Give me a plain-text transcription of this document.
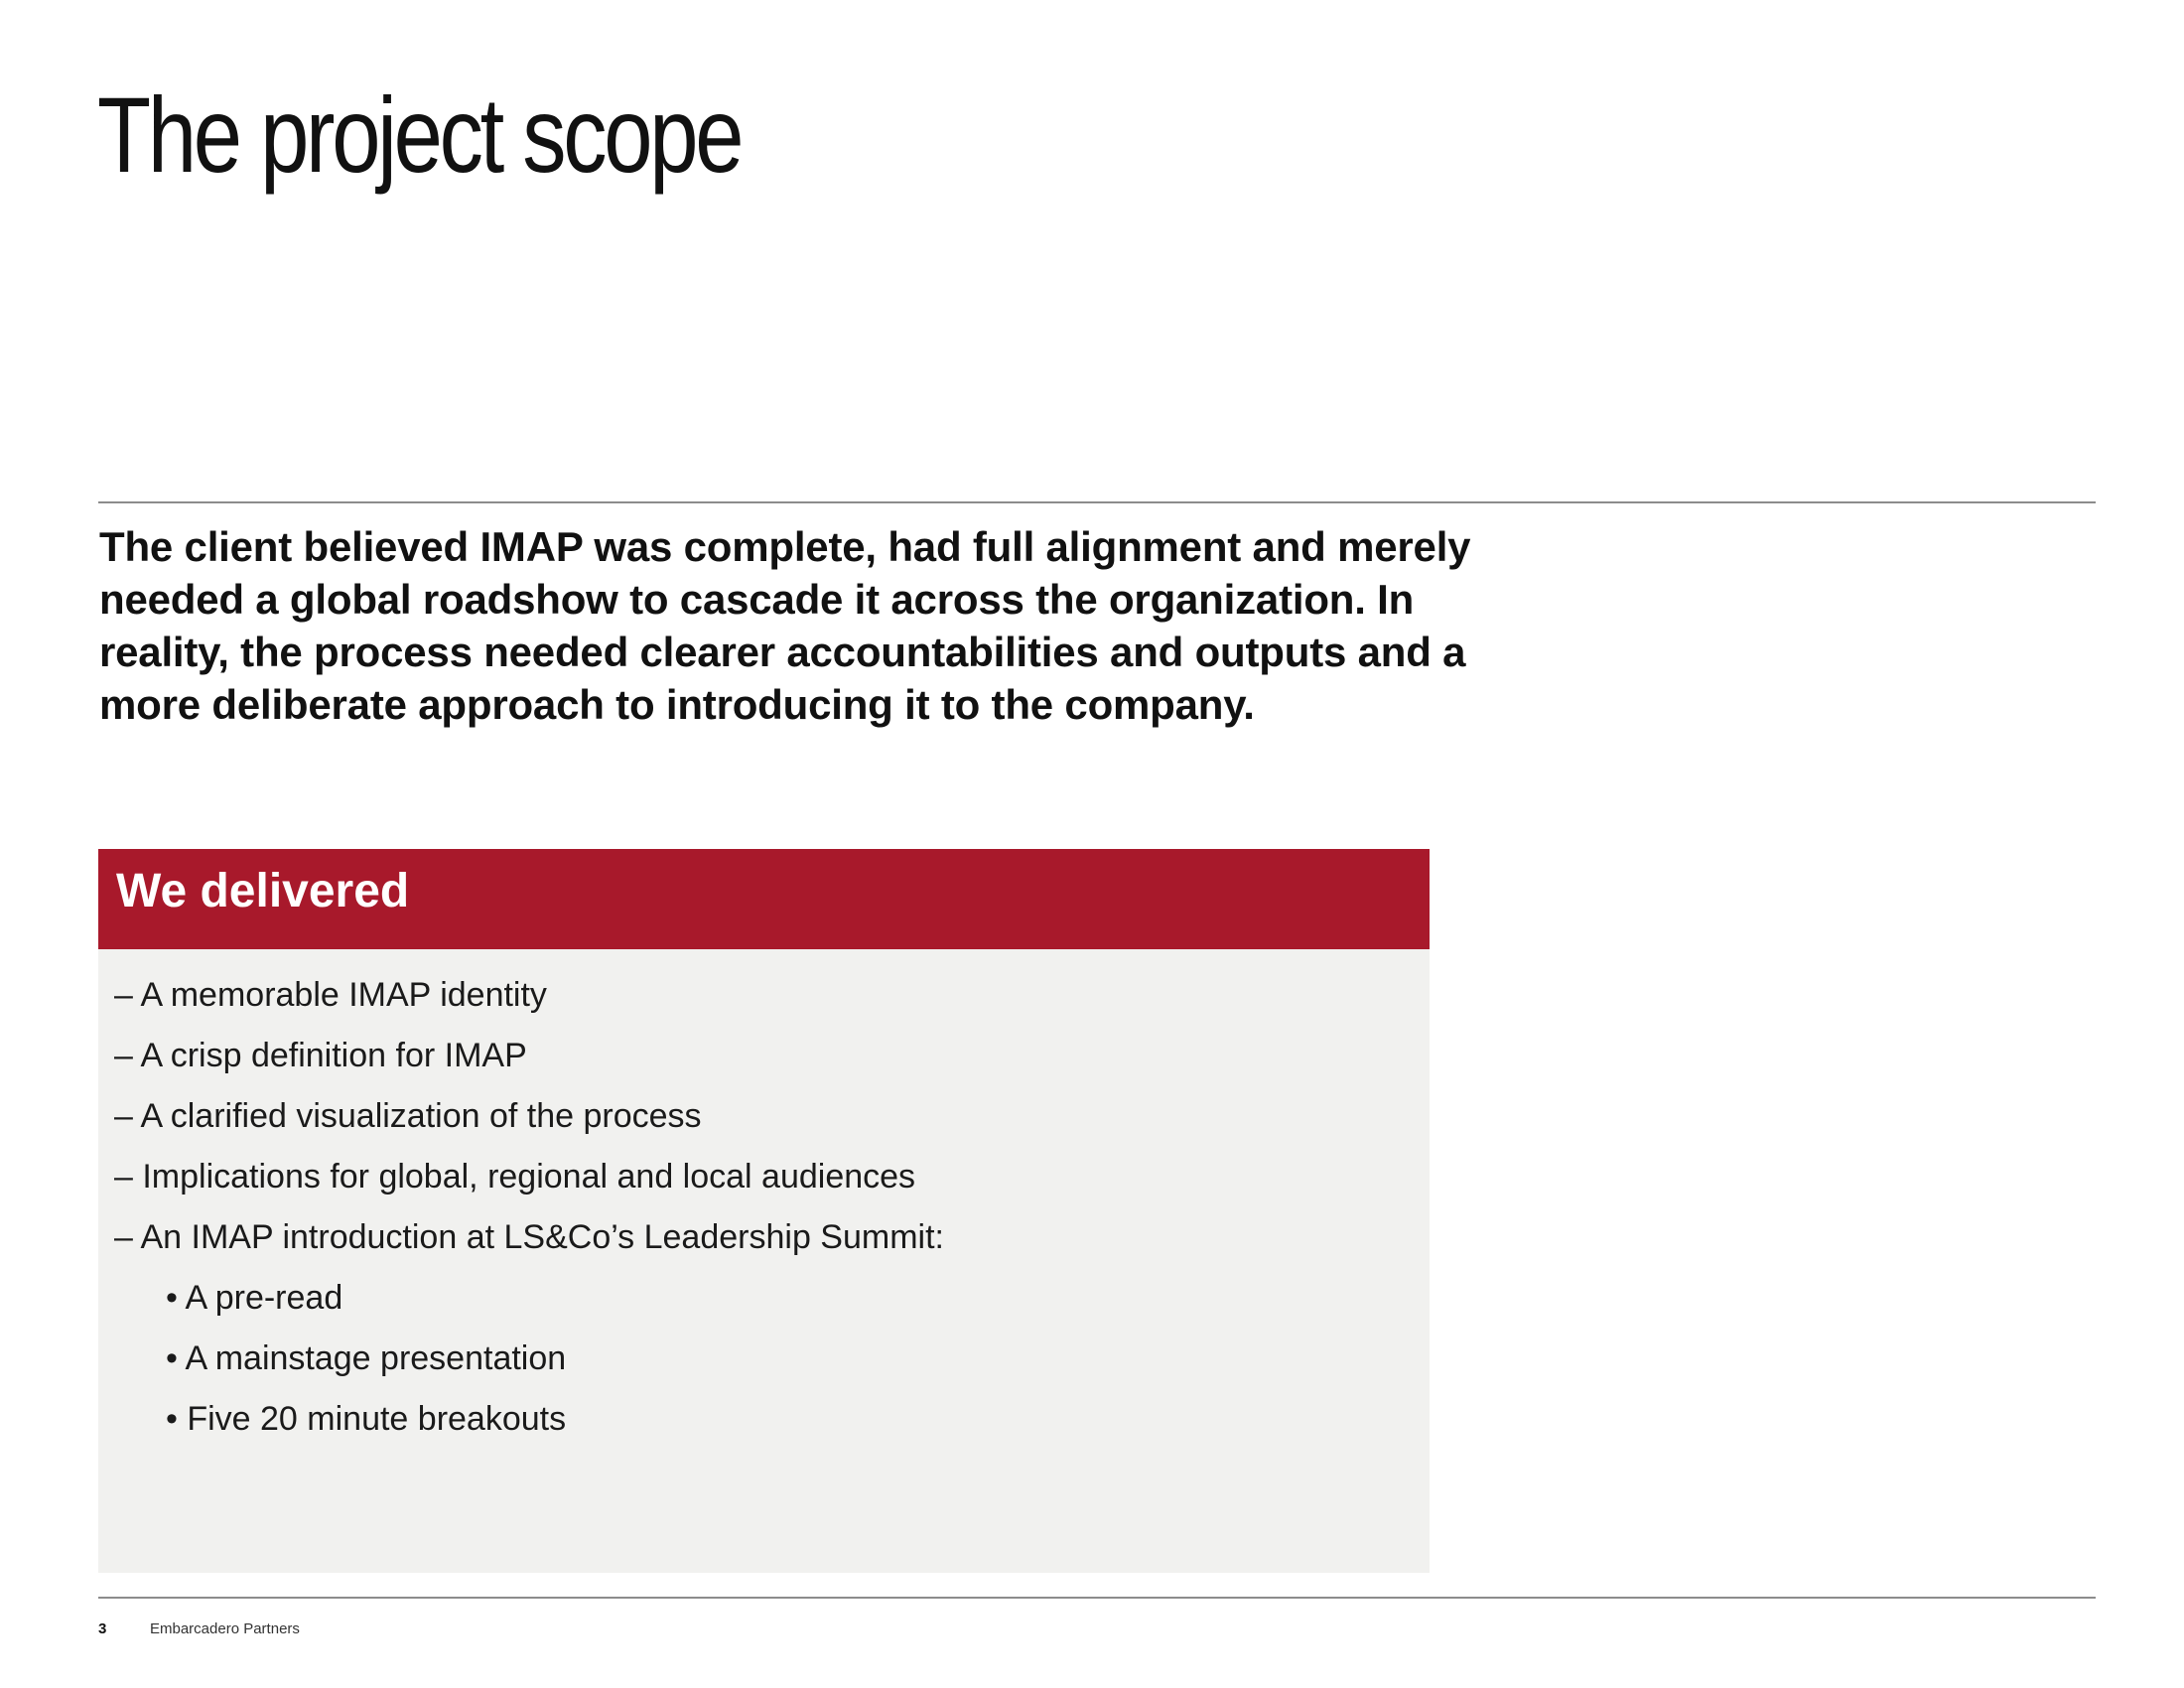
The project scope

The client believed IMAP was complete, had full alignment and merely needed a global roadshow to cascade it across the organization. In reality, the process needed clearer accountabilities and outputs and a more deliberate approach to introducing it to the company.

We delivered
– A memorable IMAP identity
– A crisp definition for IMAP
– A clarified visualization of the process
– Implications for global, regional and local audiences
– An IMAP introduction at LS&Co’s Leadership Summit:
• A pre-read
• A mainstage presentation
• Five 20 minute breakouts
3	Embarcadero Partners
